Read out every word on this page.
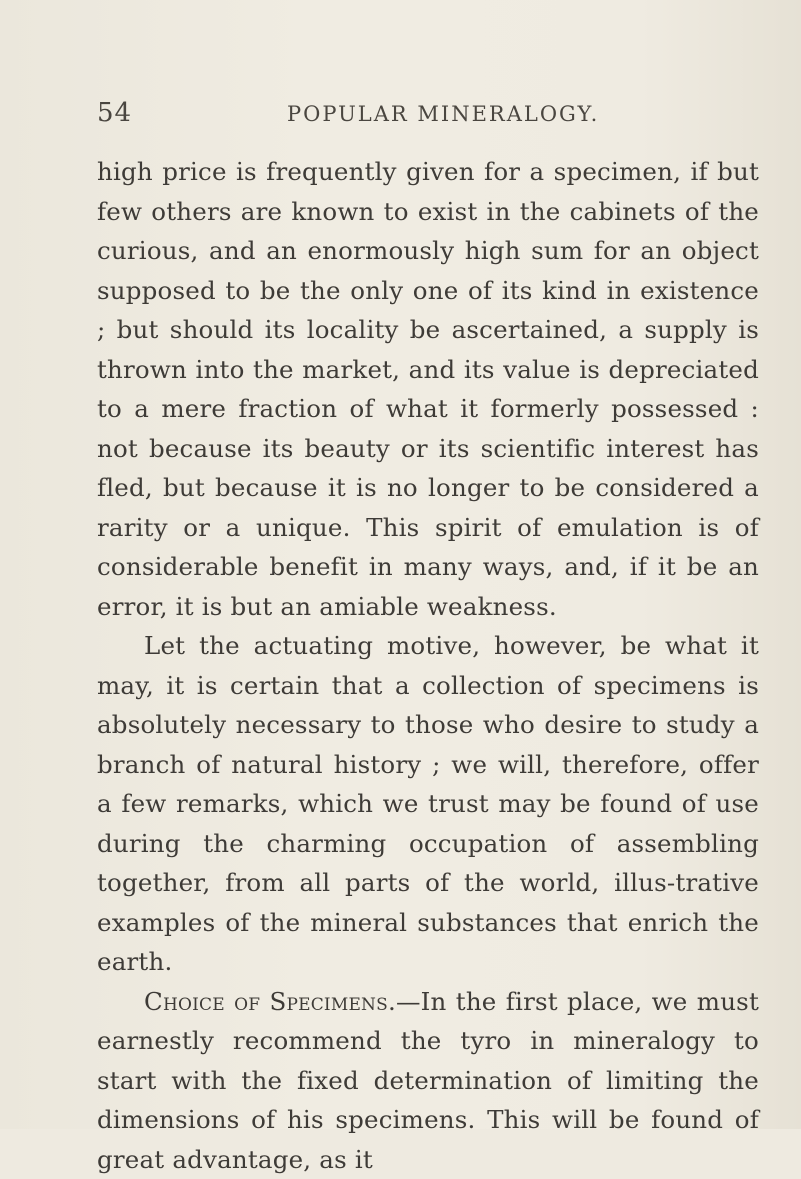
54	POPULAR MINERALOGY.

high price is frequently given for a specimen, if but few others are known to exist in the cabinets of the curious, and an enormously high sum for an object supposed to be the only one of its kind in existence ; but should its locality be ascertained, a supply is thrown into the market, and its value is depreciated to a mere fraction of what it formerly possessed : not because its beauty or its scientific interest has fled, but because it is no longer to be considered a rarity or a unique. This spirit of emulation is of considerable benefit in many ways, and, if it be an error, it is but an amiable weakness.

Let the actuating motive, however, be what it may, it is certain that a collection of specimens is absolutely necessary to those who desire to study a branch of natural history ; we will, therefore, offer a few remarks, which we trust may be found of use during the charming occupation of assembling together, from all parts of the world, illus-trative examples of the mineral substances that enrich the earth.

Choice of Specimens.—In the first place, we must earnestly recommend the tyro in mineralogy to start with the fixed determination of limiting the dimensions of his specimens. This will be found of great advantage, as it
